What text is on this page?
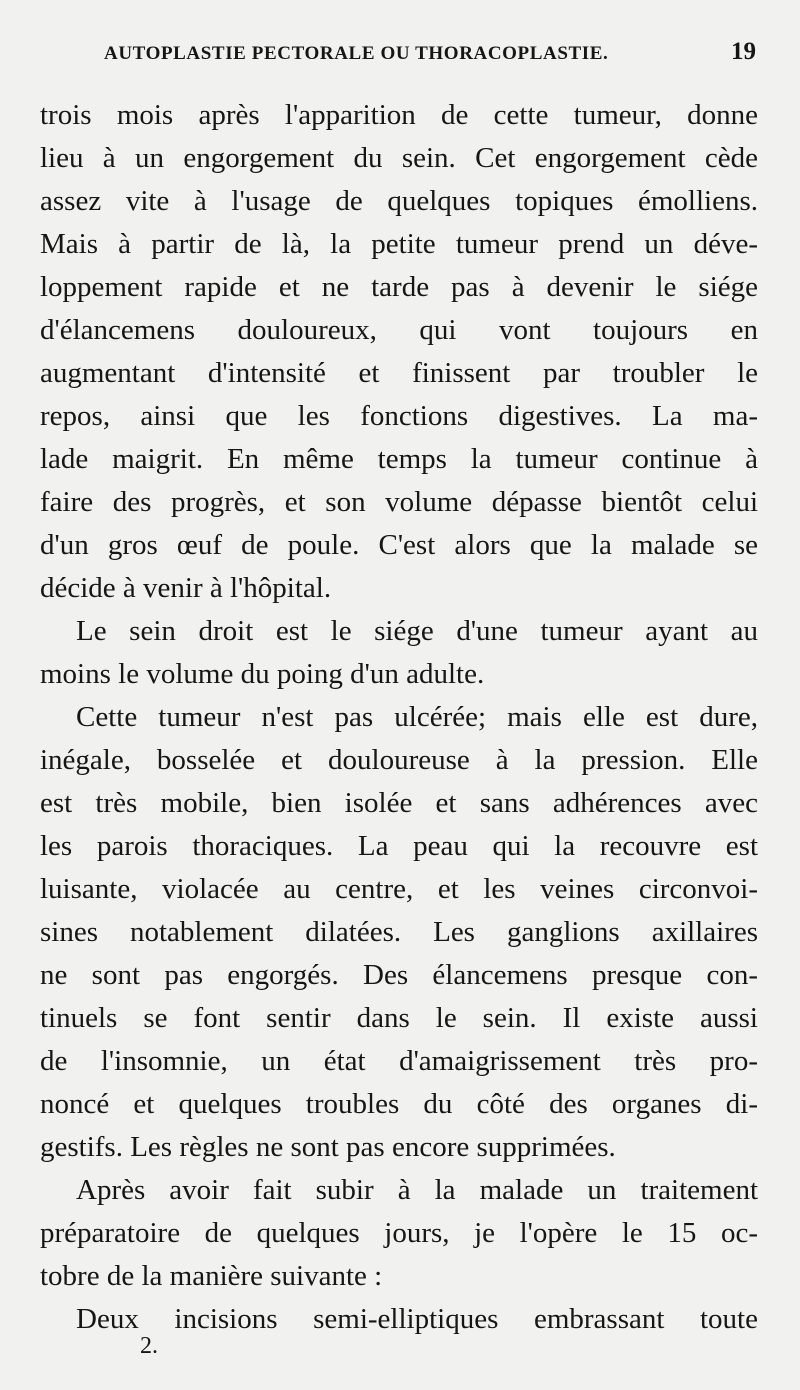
AUTOPLASTIE PECTORALE OU THORACOPLASTIE.	19
trois mois après l'apparition de cette tumeur, donne
lieu à un engorgement du sein. Cet engorgement cède
assez vite à l'usage de quelques topiques émolliens.
Mais à partir de là, la petite tumeur prend un déve-
loppement rapide et ne tarde pas à devenir le siége
d'élancemens douloureux, qui vont toujours en
augmentant d'intensité et finissent par troubler le
repos, ainsi que les fonctions digestives. La ma-
lade maigrit. En même temps la tumeur continue à
faire des progrès, et son volume dépasse bientôt celui
d'un gros œuf de poule. C'est alors que la malade se
décide à venir à l'hôpital.
Le sein droit est le siége d'une tumeur ayant au
moins le volume du poing d'un adulte.
Cette tumeur n'est pas ulcérée; mais elle est dure,
inégale, bosselée et douloureuse à la pression. Elle
est très mobile, bien isolée et sans adhérences avec
les parois thoraciques. La peau qui la recouvre est
luisante, violacée au centre, et les veines circonvoi-
sines notablement dilatées. Les ganglions axillaires
ne sont pas engorgés. Des élancemens presque con-
tinuels se font sentir dans le sein. Il existe aussi
de l'insomnie, un état d'amaigrissement très pro-
noncé et quelques troubles du côté des organes di-
gestifs. Les règles ne sont pas encore supprimées.
Après avoir fait subir à la malade un traitement
préparatoire de quelques jours, je l'opère le 15 oc-
tobre de la manière suivante :
Deux incisions semi-elliptiques embrassant toute
2.
